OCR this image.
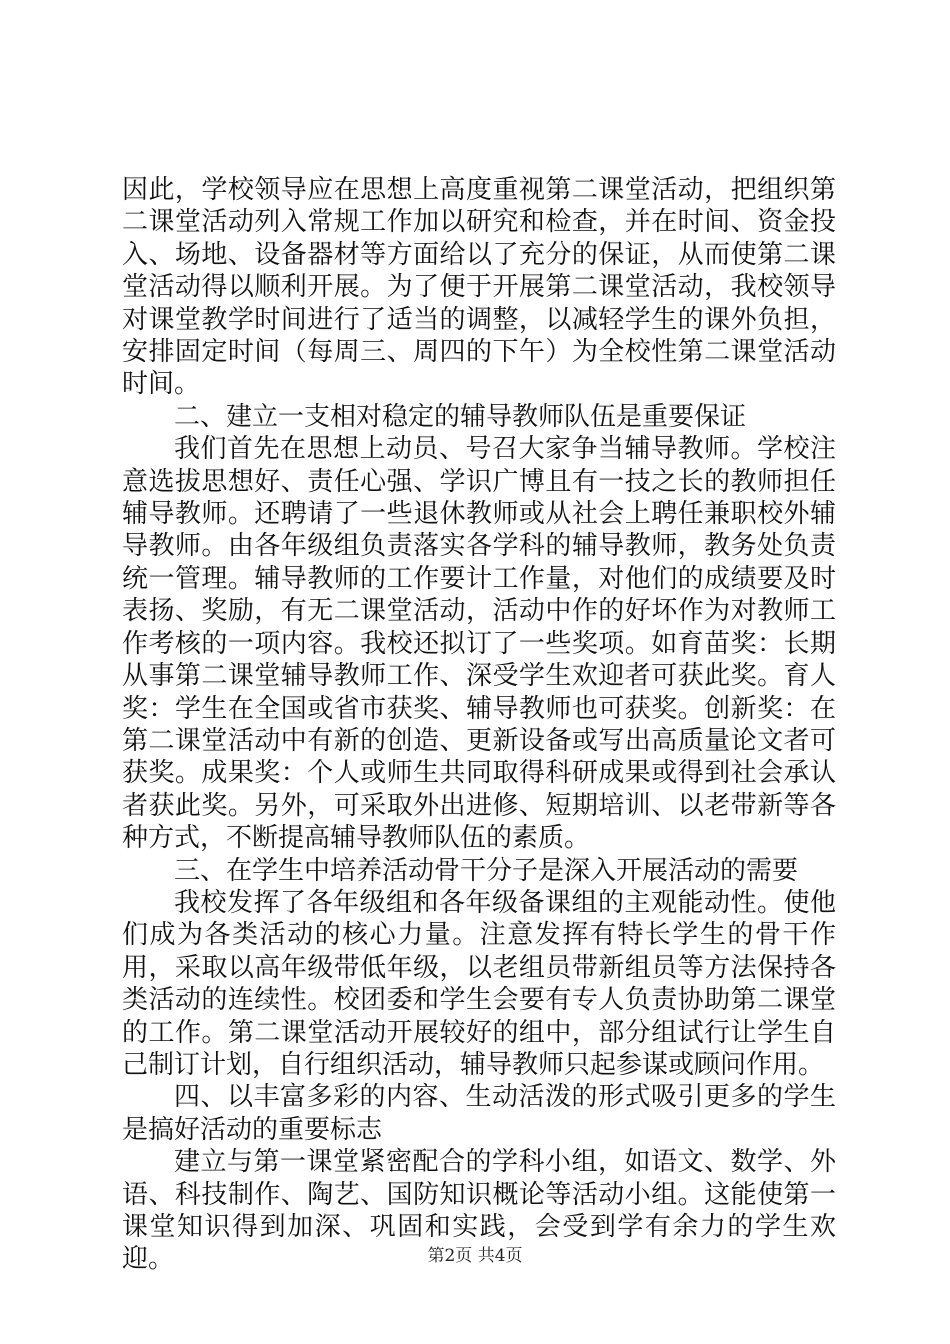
因此，学校领导应在思想上高度重视第二课堂活动，把组织第二课堂活动列入常规工作加以研究和检查，并在时间、资金投入、场地、设备器材等方面给以了充分的保证，从而使第二课堂活动得以顺利开展。为了便于开展第二课堂活动，我校领导对课堂教学时间进行了适当的调整，以减轻学生的课外负担，安排固定时间（每周三、周四的下午）为全校性第二课堂活动时间。

二、建立一支相对稳定的辅导教师队伍是重要保证

我们首先在思想上动员、号召大家争当辅导教师。学校注意选拔思想好、责任心强、学识广博且有一技之长的教师担任辅导教师。还聘请了一些退休教师或从社会上聘任兼职校外辅导教师。由各年级组负责落实各学科的辅导教师，教务处负责统一管理。辅导教师的工作要计工作量，对他们的成绩要及时表扬、奖励，有无二课堂活动，活动中作的好坏作为对教师工作考核的一项内容。我校还拟订了一些奖项。如育苗奖：长期从事第二课堂辅导教师工作、深受学生欢迎者可获此奖。育人奖：学生在全国或省市获奖、辅导教师也可获奖。创新奖：在第二课堂活动中有新的创造、更新设备或写出高质量论文者可获奖。成果奖：个人或师生共同取得科研成果或得到社会承认者获此奖。另外，可采取外出进修、短期培训、以老带新等各种方式，不断提高辅导教师队伍的素质。

三、在学生中培养活动骨干分子是深入开展活动的需要

我校发挥了各年级组和各年级备课组的主观能动性。使他们成为各类活动的核心力量。注意发挥有特长学生的骨干作用，采取以高年级带低年级，以老组员带新组员等方法保持各类活动的连续性。校团委和学生会要有专人负责协助第二课堂的工作。第二课堂活动开展较好的组中，部分组试行让学生自己制订计划，自行组织活动，辅导教师只起参谋或顾问作用。

四、以丰富多彩的内容、生动活泼的形式吸引更多的学生是搞好活动的重要标志

建立与第一课堂紧密配合的学科小组，如语文、数学、外语、科技制作、陶艺、国防知识概论等活动小组。这能使第一课堂知识得到加深、巩固和实践，会受到学有余力的学生欢迎。	第2页 共4页
